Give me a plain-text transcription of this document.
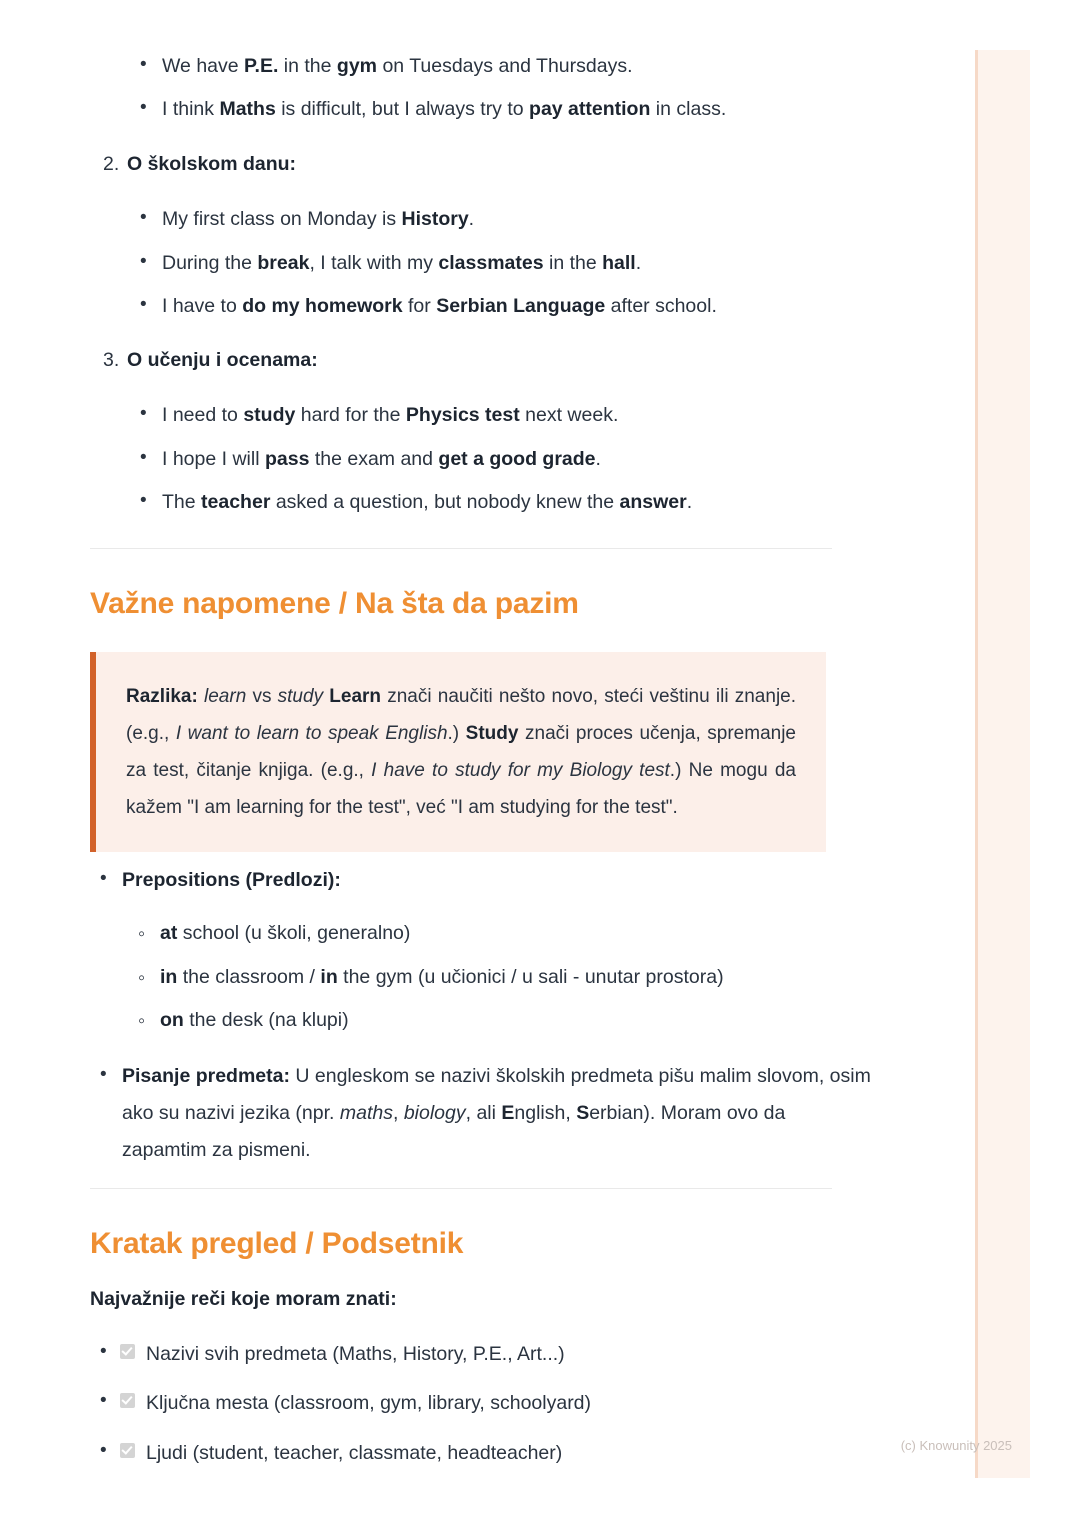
• We have P.E. in the gym on Tuesdays and Thursdays.
• I think Maths is difficult, but I always try to pay attention in class.
2. O školskom danu:
• My first class on Monday is History.
• During the break, I talk with my classmates in the hall.
• I have to do my homework for Serbian Language after school.
3. O učenju i ocenama:
• I need to study hard for the Physics test next week.
• I hope I will pass the exam and get a good grade.
• The teacher asked a question, but nobody knew the answer.
Važne napomene / Na šta da pazim

Razlika: learn vs study Learn znači naučiti nešto novo, steći veštinu ili znanje. (e.g., I want to learn to speak English.) Study znači proces učenja, spremanje za test, čitanje knjiga. (e.g., I have to study for my Biology test.) Ne mogu da kažem "I am learning for the test", već "I am studying for the test".

• Prepositions (Predlozi):
◦ at school (u školi, generalno)
◦ in the classroom / in the gym (u učionici / u sali - unutar prostora)
◦ on the desk (na klupi)
• Pisanje predmeta: U engleskom se nazivi školskih predmeta pišu malim slovom, osim ako su nazivi jezika (npr. maths, biology, ali English, Serbian). Moram ovo da zapamtim za pismeni.
Kratak pregled / Podsetnik
Najvažnije reči koje moram znati:
• Nazivi svih predmeta (Maths, History, P.E., Art...)
• Ključna mesta (classroom, gym, library, schoolyard)
• Ljudi (student, teacher, classmate, headteacher)	(c) Knowunity 2025
